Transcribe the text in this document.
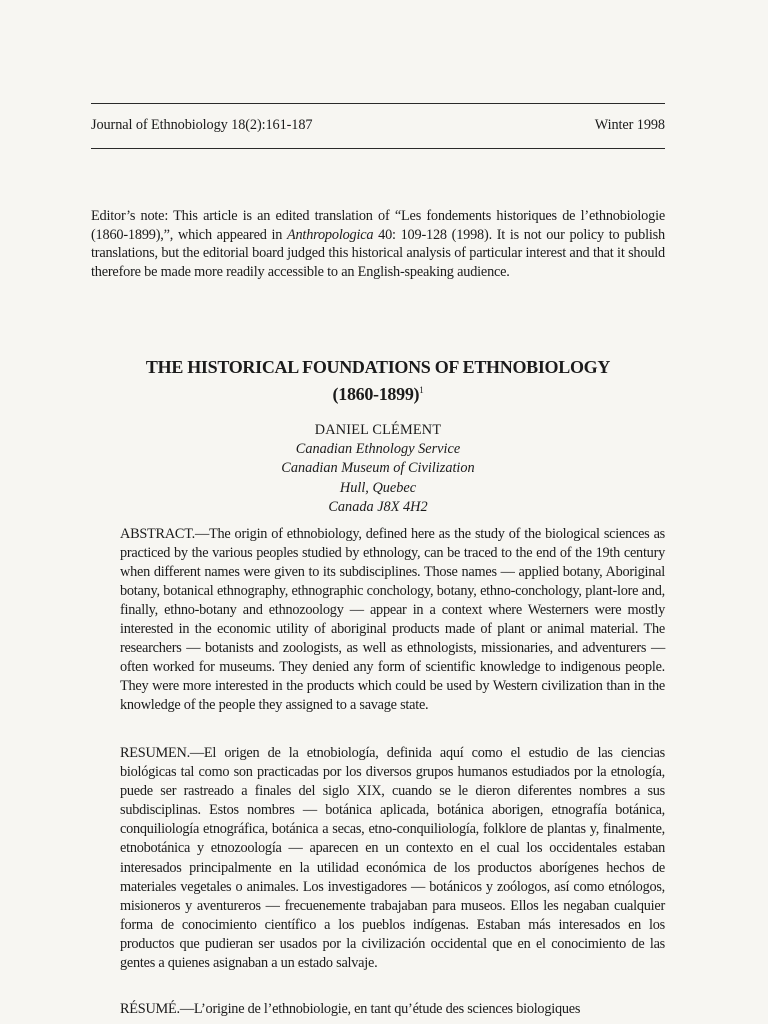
Journal of Ethnobiology 18(2):161-187	Winter 1998

Editor’s note: This article is an edited translation of “Les fondements historiques de l’ethnobiologie (1860-1899),”, which appeared in Anthropologica 40: 109-128 (1998). It is not our policy to publish translations, but the editorial board judged this historical analysis of particular interest and that it should therefore be made more readily accessible to an English-speaking audience.

THE HISTORICAL FOUNDATIONS OF ETHNOBIOLOGY
(1860-1899)$^1$
DANIEL CLÉMENT
Canadian Ethnology Service
Canadian Museum of Civilization
Hull, Quebec
Canada J8X 4H2

ABSTRACT.—The origin of ethnobiology, defined here as the study of the biological sciences as practiced by the various peoples studied by ethnology, can be traced to the end of the 19th century when different names were given to its subdisciplines. Those names — applied botany, Aboriginal botany, botanical ethnography, ethnographic conchology, botany, ethno-conchology, plant-lore and, finally, ethno-botany and ethnozoology — appear in a context where Westerners were mostly interested in the economic utility of aboriginal products made of plant or animal material. The researchers — botanists and zoologists, as well as ethnologists, missionaries, and adventurers — often worked for museums. They denied any form of scientific knowledge to indigenous people. They were more interested in the products which could be used by Western civilization than in the knowledge of the people they assigned to a savage state.

RESUMEN.—El origen de la etnobiología, definida aquí como el estudio de las ciencias biológicas tal como son practicadas por los diversos grupos humanos estudiados por la etnología, puede ser rastreado a finales del siglo XIX, cuando se le dieron diferentes nombres a sus subdisciplinas. Estos nombres — botánica aplicada, botánica aborigen, etnografía botánica, conquiliología etnográfica, botánica a secas, etno-conquiliología, folklore de plantas y, finalmente, etnobotánica y etnozoología — aparecen en un contexto en el cual los occidentales estaban interesados principalmente en la utilidad económica de los productos aborígenes hechos de materiales vegetales o animales. Los investigadores — botánicos y zoólogos, así como etnólogos, misioneros y aventureros — frecuenemente trabajaban para museos. Ellos les negaban cualquier forma de conocimiento científico a los pueblos indígenas. Estaban más interesados en los productos que pudieran ser usados por la civilización occidental que en el conocimiento de las gentes a quienes asignaban a un estado salvaje.

RÉSUMÉ.—L’origine de l’ethnobiologie, en tant qu’étude des sciences biologiques
